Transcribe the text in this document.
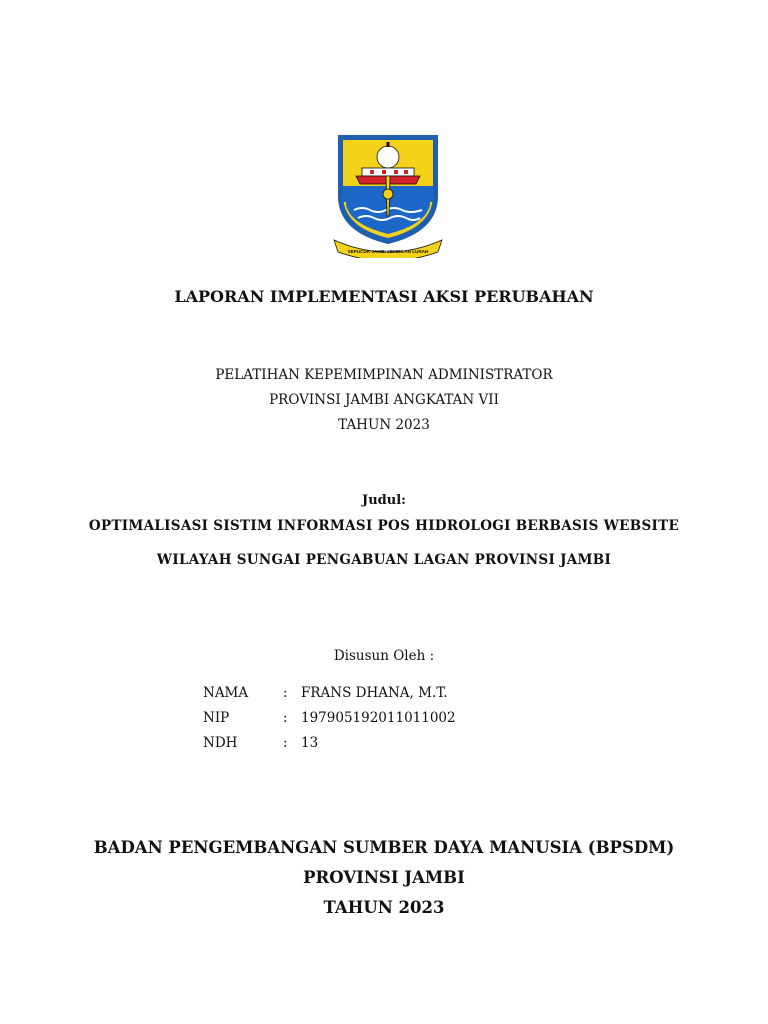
SEPUCUK JAMBI SEMBILAN LURAH
LAPORAN IMPLEMENTASI AKSI PERUBAHAN
PELATIHAN KEPEMIMPINAN ADMINISTRATOR
PROVINSI JAMBI ANGKATAN VII
TAHUN 2023
Judul:
OPTIMALISASI SISTIM INFORMASI POS HIDROLOGI BERBASIS WEBSITE
WILAYAH SUNGAI PENGABUAN LAGAN PROVINSI JAMBI
Disusun Oleh :
NAMA	: FRANS DHANA, M.T.
NIP	: 197905192011011002
NDH	: 13
BADAN PENGEMBANGAN SUMBER DAYA MANUSIA (BPSDM)
PROVINSI JAMBI
TAHUN 2023
